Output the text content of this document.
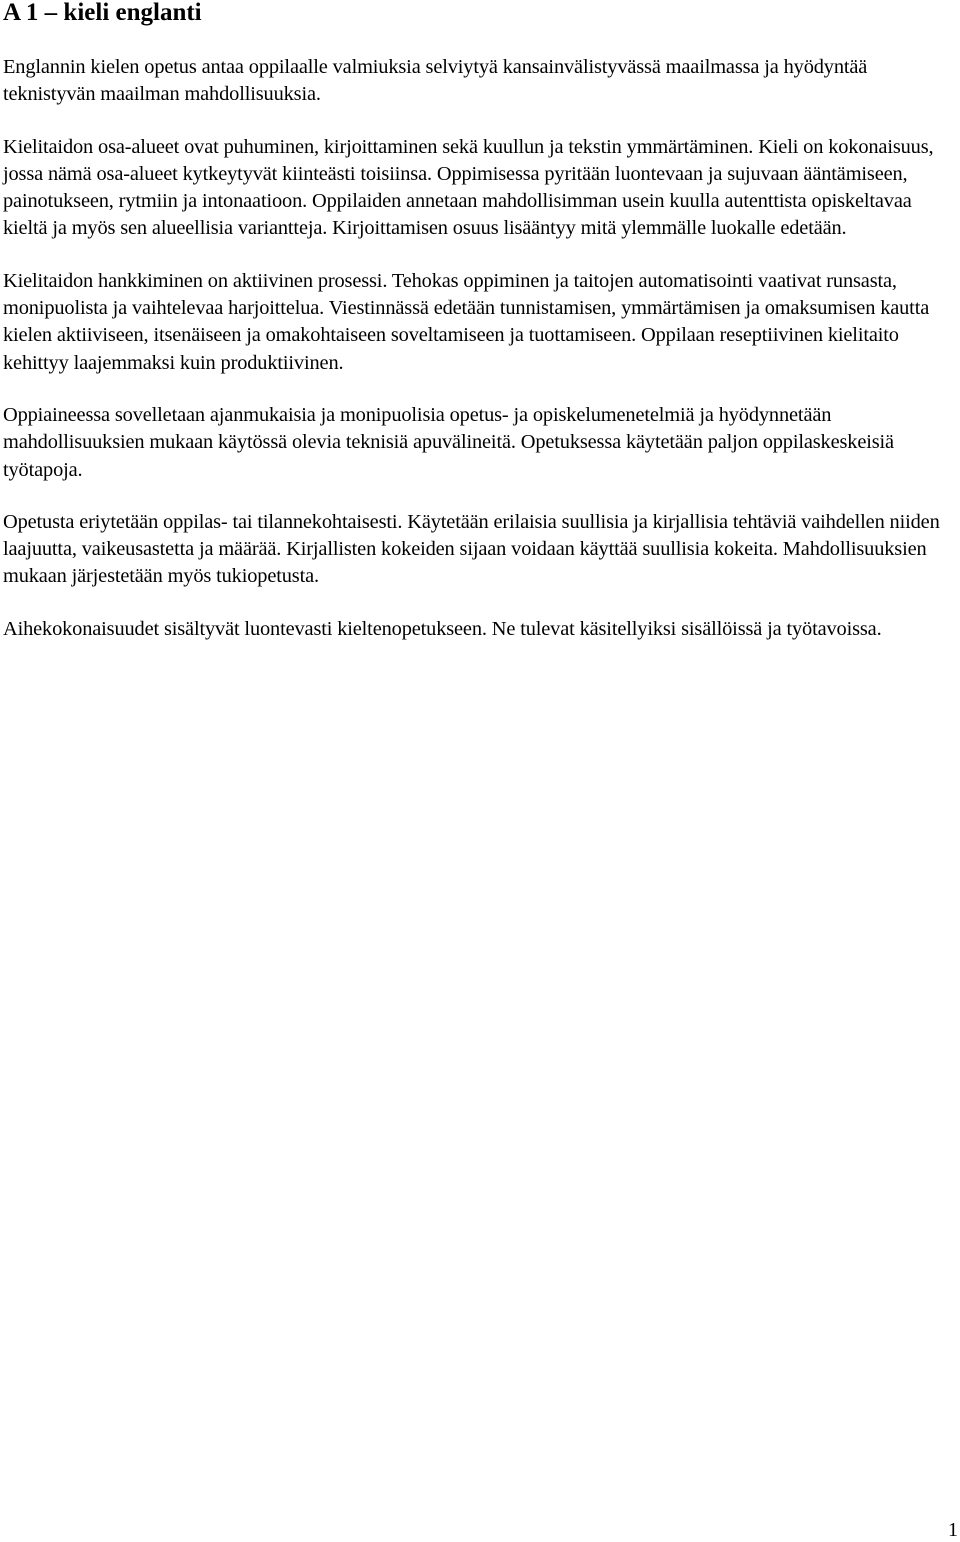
A 1 – kieli englanti

Englannin kielen opetus antaa oppilaalle valmiuksia selviytyä kansainvälistyvässä maailmassa ja hyödyntää teknistyvän maailman mahdollisuuksia.

Kielitaidon osa-alueet ovat puhuminen, kirjoittaminen sekä kuullun ja tekstin ymmärtäminen. Kieli on kokonaisuus, jossa nämä osa-alueet kytkeytyvät kiinteästi toisiinsa. Oppimisessa pyritään luontevaan ja sujuvaan ääntämiseen, painotukseen, rytmiin ja intonaatioon. Oppilaiden annetaan mahdollisimman usein kuulla autenttista opiskeltavaa kieltä ja myös sen alueellisia variantteja. Kirjoittamisen osuus lisääntyy mitä ylemmälle luokalle edetään.

Kielitaidon hankkiminen on aktiivinen prosessi. Tehokas oppiminen ja taitojen automatisointi vaativat runsasta, monipuolista ja vaihtelevaa harjoittelua. Viestinnässä edetään tunnistamisen, ymmärtämisen ja omaksumisen kautta kielen aktiiviseen, itsenäiseen ja omakohtaiseen soveltamiseen ja tuottamiseen. Oppilaan reseptiivinen kielitaito kehittyy laajemmaksi kuin produktiivinen.

Oppiaineessa sovelletaan ajanmukaisia ja monipuolisia opetus- ja opiskelumenetelmiä ja hyödynnetään mahdollisuuksien mukaan käytössä olevia teknisiä apuvälineitä. Opetuksessa käytetään paljon oppilaskeskeisiä työtapoja.

Opetusta eriytetään oppilas- tai tilannekohtaisesti. Käytetään erilaisia suullisia ja kirjallisia tehtäviä vaihdellen niiden laajuutta, vaikeusastetta ja määrää. Kirjallisten kokeiden sijaan voidaan käyttää suullisia kokeita. Mahdollisuuksien mukaan järjestetään myös tukiopetusta.

Aihekokonaisuudet sisältyvät luontevasti kieltenopetukseen. Ne tulevat käsitellyiksi sisällöissä ja työtavoissa.

1
